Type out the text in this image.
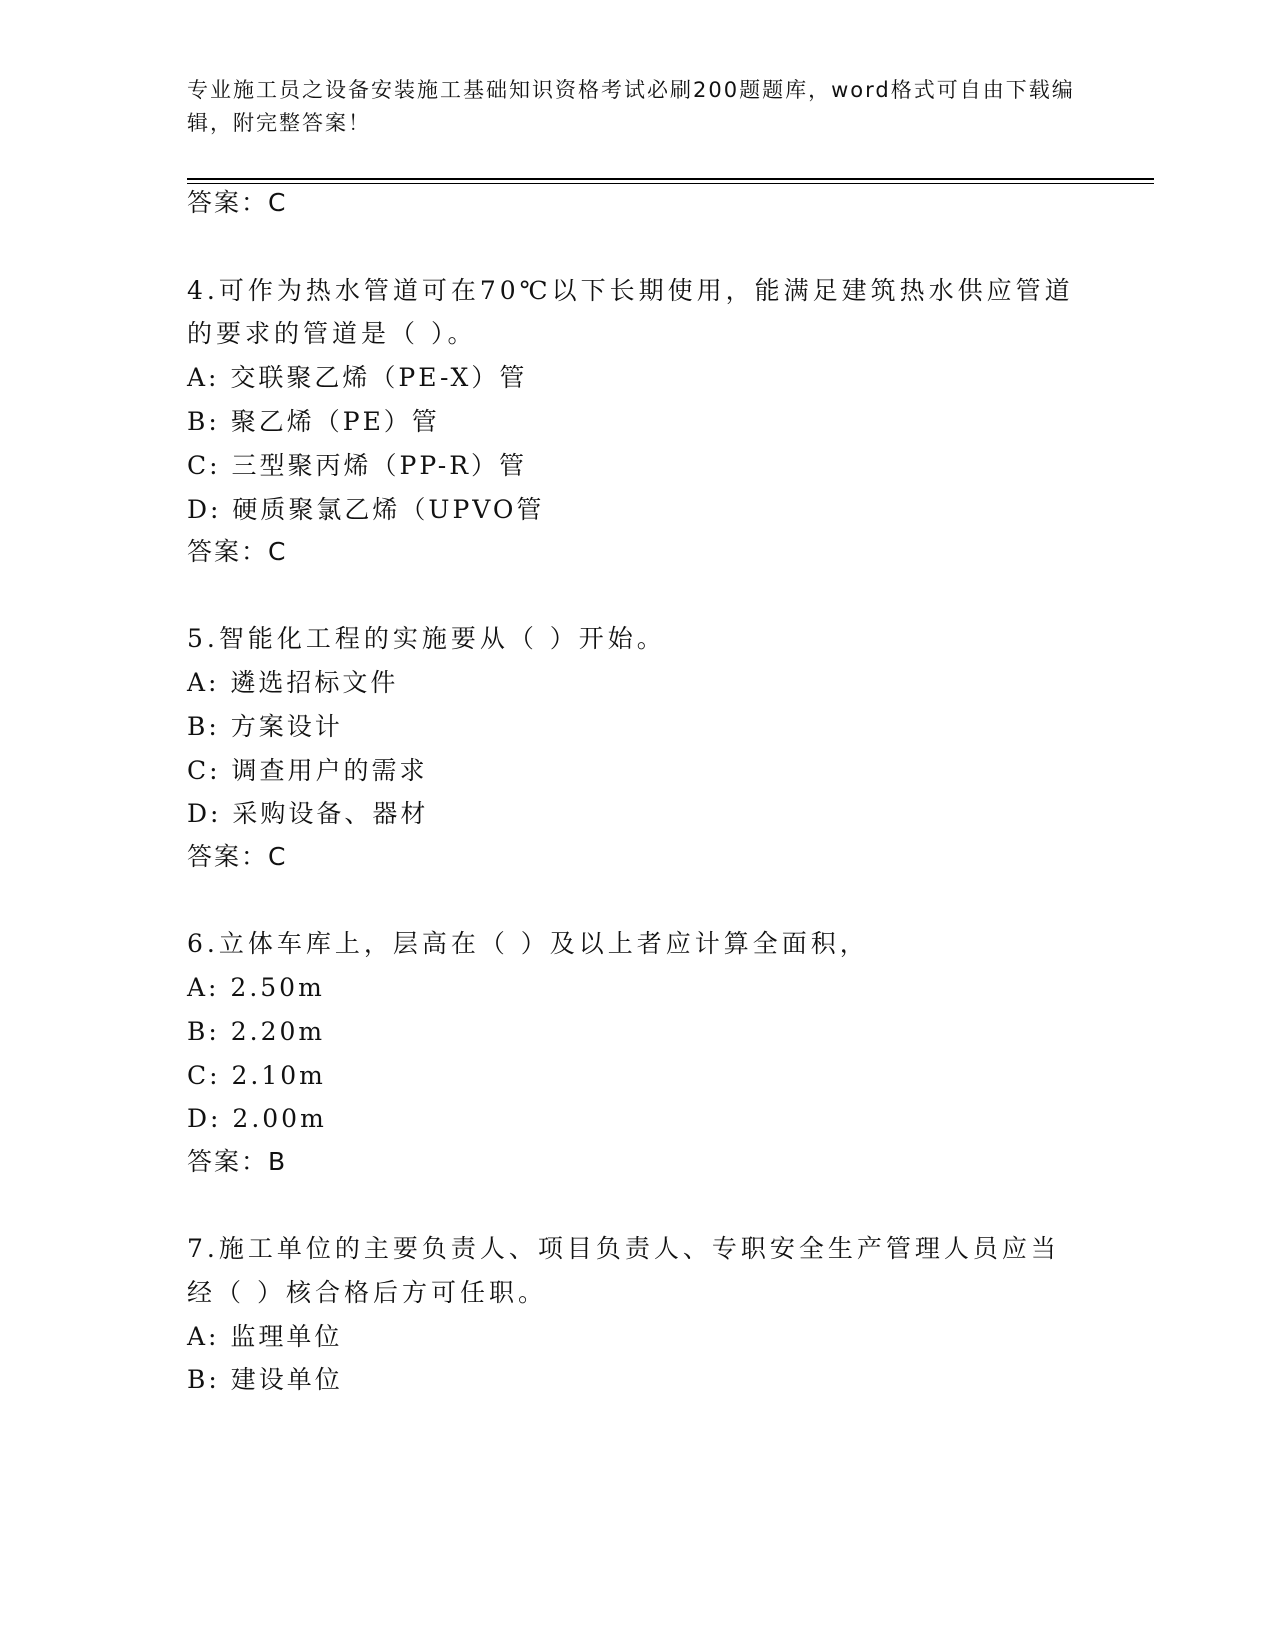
专业施工员之设备安装施工基础知识资格考试必刷200题题库，word格式可自由下载编辑，附完整答案！
答案：C
4.可作为热水管道可在70℃以下长期使用，能满足建筑热水供应管道
的要求的管道是（ ）。
A: 交联聚乙烯（PE-X）管
B: 聚乙烯（PE）管
C: 三型聚丙烯（PP-R）管
D: 硬质聚氯乙烯（UPVO管
答案：C
5.智能化工程的实施要从（ ）开始。
A: 遴选招标文件
B: 方案设计
C: 调查用户的需求
D: 采购设备、器材
答案：C
6.立体车库上，层高在（ ）及以上者应计算全面积，
A: 2.50m
B: 2.20m
C: 2.10m
D: 2.00m
答案：B
7.施工单位的主要负责人、项目负责人、专职安全生产管理人员应当
经（ ）核合格后方可任职。
A: 监理单位
B: 建设单位
